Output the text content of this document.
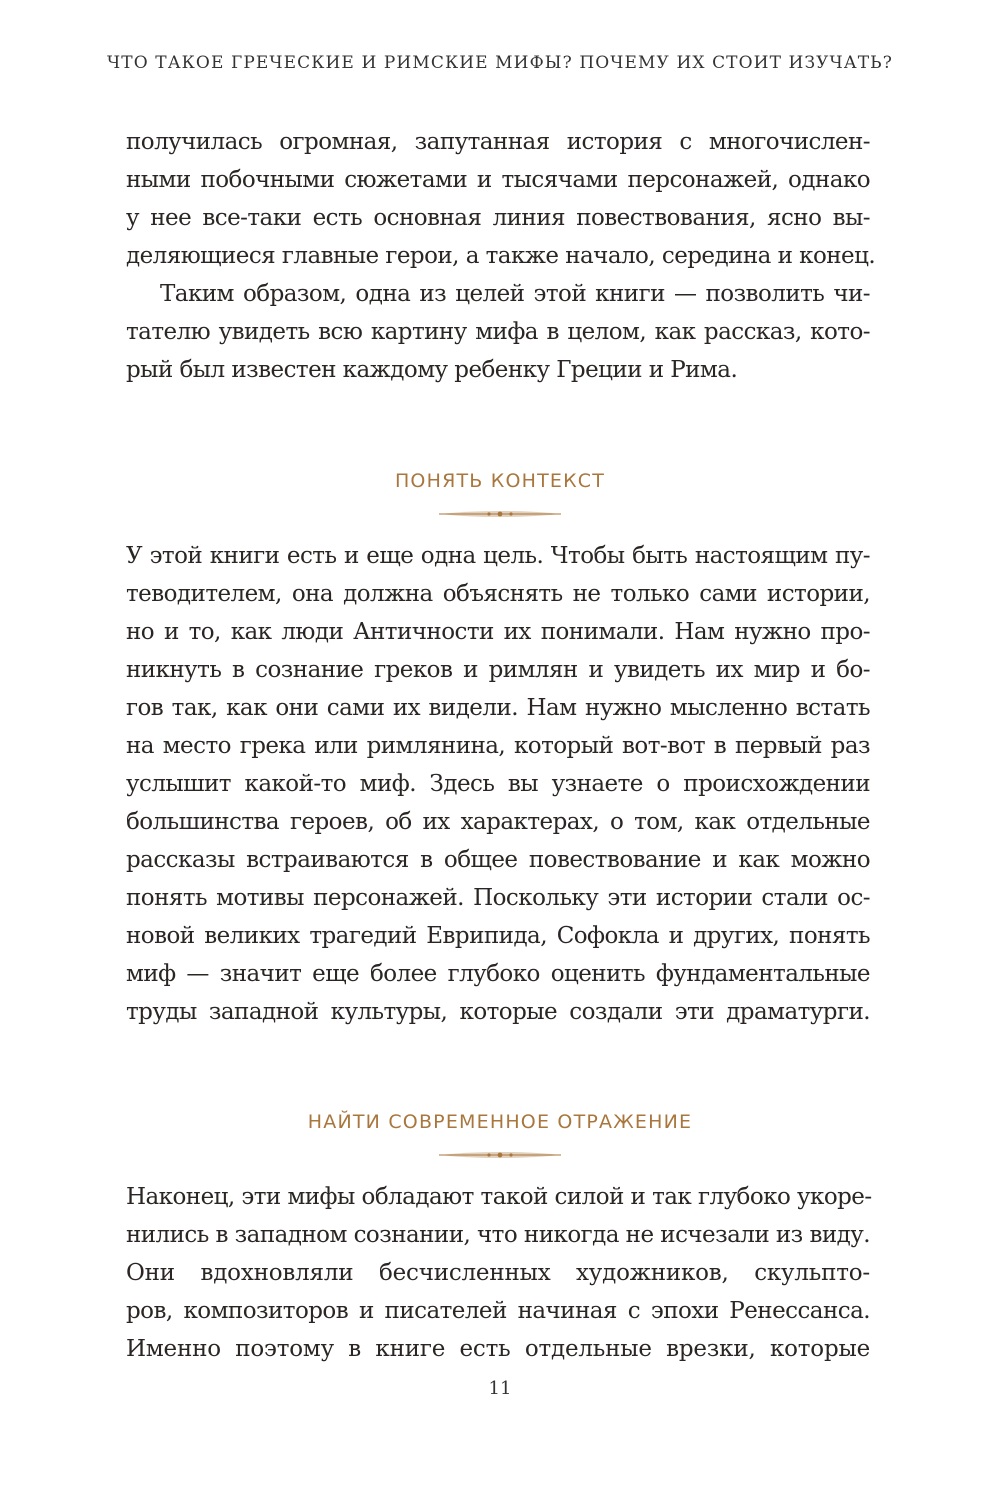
ЧТО ТАКОЕ ГРЕЧЕСКИЕ И РИМСКИЕ МИФЫ? ПОЧЕМУ ИХ СТОИТ ИЗУЧАТЬ?
получилась огромная, запутанная история с многочислен-
ными побочными сюжетами и тысячами персонажей, однако
у нее все-таки есть основная линия повествования, ясно вы-
деляющиеся главные герои, а также начало, середина и конец.
Таким образом, одна из целей этой книги — позволить чи-
тателю увидеть всю картину мифа в целом, как рассказ, кото-
рый был известен каждому ребенку Греции и Рима.
ПОНЯТЬ КОНТЕКСТ
У этой книги есть и еще одна цель. Чтобы быть настоящим пу-
теводителем, она должна объяснять не только сами истории,
но и то, как люди Античности их понимали. Нам нужно про-
никнуть в сознание греков и римлян и увидеть их мир и бо-
гов так, как они сами их видели. Нам нужно мысленно встать
на место грека или римлянина, который вот-вот в первый раз
услышит какой-то миф. Здесь вы узнаете о происхождении
большинства героев, об их характерах, о том, как отдельные
рассказы встраиваются в общее повествование и как можно
понять мотивы персонажей. Поскольку эти истории стали ос-
новой великих трагедий Еврипида, Софокла и других, понять
миф — значит еще более глубоко оценить фундаментальные
труды западной культуры, которые создали эти драматурги.
НАЙТИ СОВРЕМЕННОЕ ОТРАЖЕНИЕ
Наконец, эти мифы обладают такой силой и так глубоко укоре-
нились в западном сознании, что никогда не исчезали из виду.
Они вдохновляли бесчисленных художников, скульпто-
ров, композиторов и писателей начиная с эпохи Ренессанса.
Именно поэтому в книге есть отдельные врезки, которые
11
